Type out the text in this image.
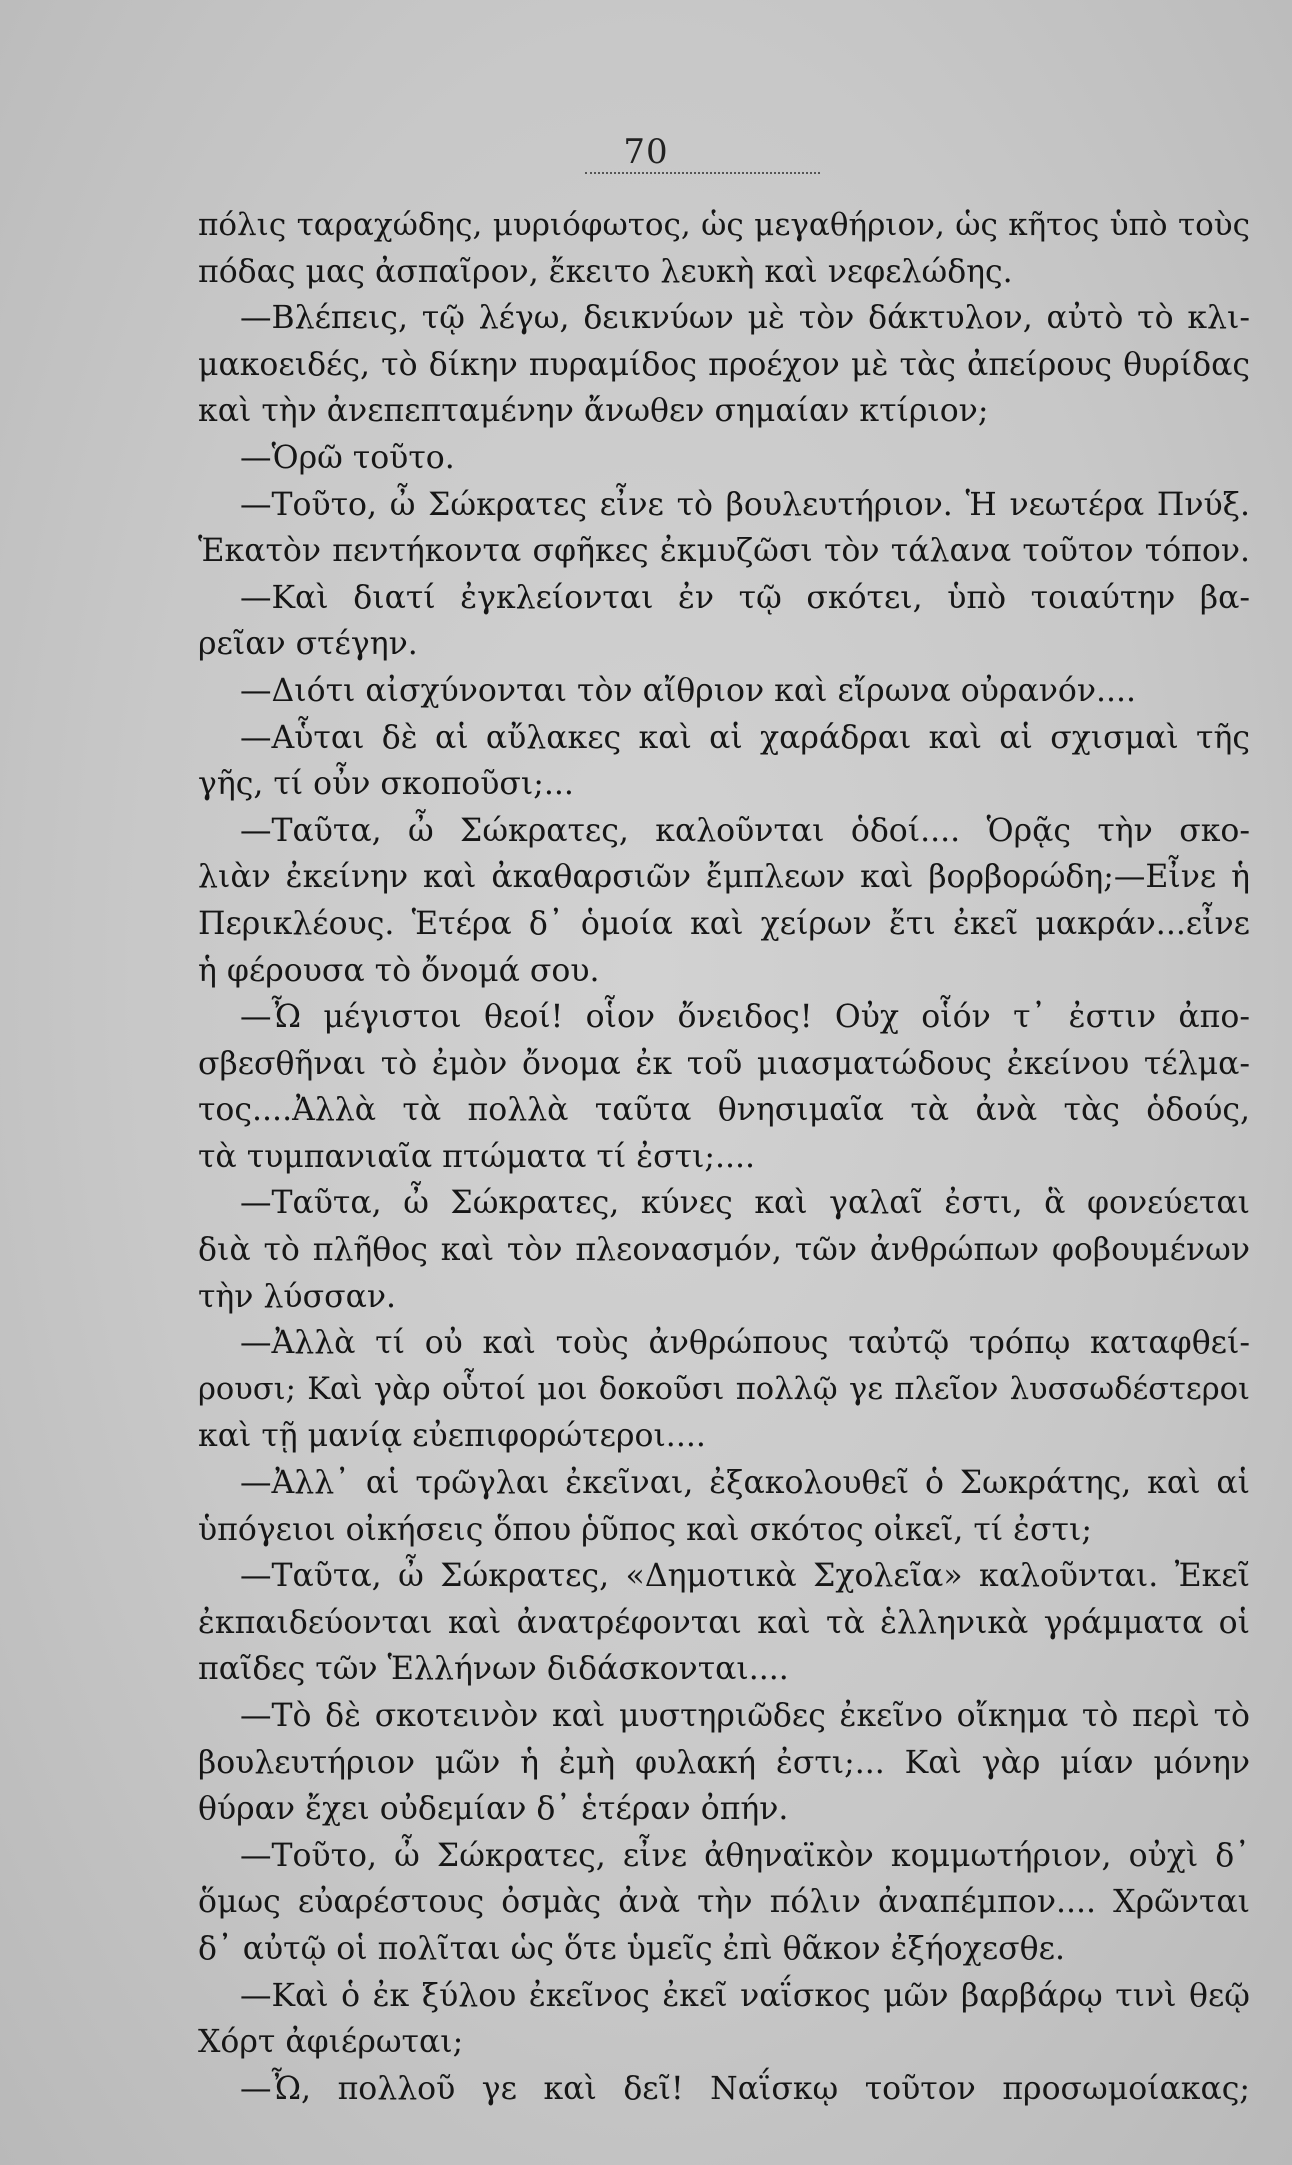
70
πόλις ταραχώδης, μυριόφωτος, ὡς μεγαθήριον, ὡς κῆτος ὑπὸ τοὺς
πόδας μας ἀσπαῖρον, ἔκειτο λευκὴ καὶ νεφελώδης.
—Βλέπεις, τῷ λέγω, δεικνύων μὲ τὸν δάκτυλον, αὐτὸ τὸ κλι-
μακοειδές, τὸ δίκην πυραμίδος προέχον μὲ τὰς ἀπείρους θυρίδας
καὶ τὴν ἀνεπεπταμένην ἄνωθεν σημαίαν κτίριον;
—Ὁρῶ τοῦτο.
—Τοῦτο, ὦ Σώκρατες εἶνε τὸ βουλευτήριον. Ἡ νεωτέρα Πνύξ.
Ἑκατὸν πεντήκοντα σφῆκες ἐκμυζῶσι τὸν τάλανα τοῦτον τόπον.
—Καὶ διατί ἐγκλείονται ἐν τῷ σκότει, ὑπὸ τοιαύτην βα-
ρεῖαν στέγην.
—Διότι αἰσχύνονται τὸν αἴθριον καὶ εἴρωνα οὐρανόν....
—Αὗται δὲ αἱ αὔλακες καὶ αἱ χαράδραι καὶ αἱ σχισμαὶ τῆς
γῆς, τί οὖν σκοποῦσι;...
—Ταῦτα, ὦ Σώκρατες, καλοῦνται ὁδοί.... Ὁρᾷς τὴν σκο-
λιὰν ἐκείνην καὶ ἀκαθαρσιῶν ἔμπλεων καὶ βορβορώδη;—Εἶνε ἡ
Περικλέους. Ἑτέρα δ᾽ ὁμοία καὶ χείρων ἔτι ἐκεῖ μακράν...εἶνε
ἡ φέρουσα τὸ ὄνομά σου.
—Ὦ μέγιστοι θεοί! οἷον ὄνειδος! Οὐχ οἷόν τ᾽ ἐστιν ἀπο-
σβεσθῆναι τὸ ἐμὸν ὄνομα ἐκ τοῦ μιασματώδους ἐκείνου τέλμα-
τος....Ἀλλὰ τὰ πολλὰ ταῦτα θνησιμαῖα τὰ ἀνὰ τὰς ὁδούς,
τὰ τυμπανιαῖα πτώματα τί ἐστι;....
—Ταῦτα, ὦ Σώκρατες, κύνες καὶ γαλαῖ ἐστι, ἃ φονεύεται
διὰ τὸ πλῆθος καὶ τὸν πλεονασμόν, τῶν ἀνθρώπων φοβουμένων
τὴν λύσσαν.
—Ἀλλὰ τί οὐ καὶ τοὺς ἀνθρώπους ταὐτῷ τρόπῳ καταφθεί-
ρουσι; Καὶ γὰρ οὗτοί μοι δοκοῦσι πολλῷ γε πλεῖον λυσσωδέστεροι
καὶ τῇ μανίᾳ εὐεπιφορώτεροι....
—Ἀλλ᾽ αἱ τρῶγλαι ἐκεῖναι, ἐξακολουθεῖ ὁ Σωκράτης, καὶ αἱ
ὑπόγειοι οἰκήσεις ὅπου ῥῦπος καὶ σκότος οἰκεῖ, τί ἐστι;
—Ταῦτα, ὦ Σώκρατες, «Δημοτικὰ Σχολεῖα» καλοῦνται. Ἐκεῖ
ἐκπαιδεύονται καὶ ἀνατρέφονται καὶ τὰ ἑλληνικὰ γράμματα οἱ
παῖδες τῶν Ἑλλήνων διδάσκονται....
—Τὸ δὲ σκοτεινὸν καὶ μυστηριῶδες ἐκεῖνο οἴκημα τὸ περὶ τὸ
βουλευτήριον μῶν ἡ ἐμὴ φυλακή ἐστι;... Καὶ γὰρ μίαν μόνην
θύραν ἔχει οὐδεμίαν δ᾽ ἑτέραν ὀπήν.
—Τοῦτο, ὦ Σώκρατες, εἶνε ἀθηναϊκὸν κομμωτήριον, οὐχὶ δ᾽
ὅμως εὐαρέστους ὀσμὰς ἀνὰ τὴν πόλιν ἀναπέμπον.... Χρῶνται
δ᾽ αὐτῷ οἱ πολῖται ὡς ὅτε ὑμεῖς ἐπὶ θᾶκον ἐξήοχεσθε.
—Καὶ ὁ ἐκ ξύλου ἐκεῖνος ἐκεῖ ναΐσκος μῶν βαρβάρῳ τινὶ θεῷ
Χόρτ ἀφιέρωται;
—Ὦ, πολλοῦ γε καὶ δεῖ! Ναΐσκῳ τοῦτον προσωμοίακας;
